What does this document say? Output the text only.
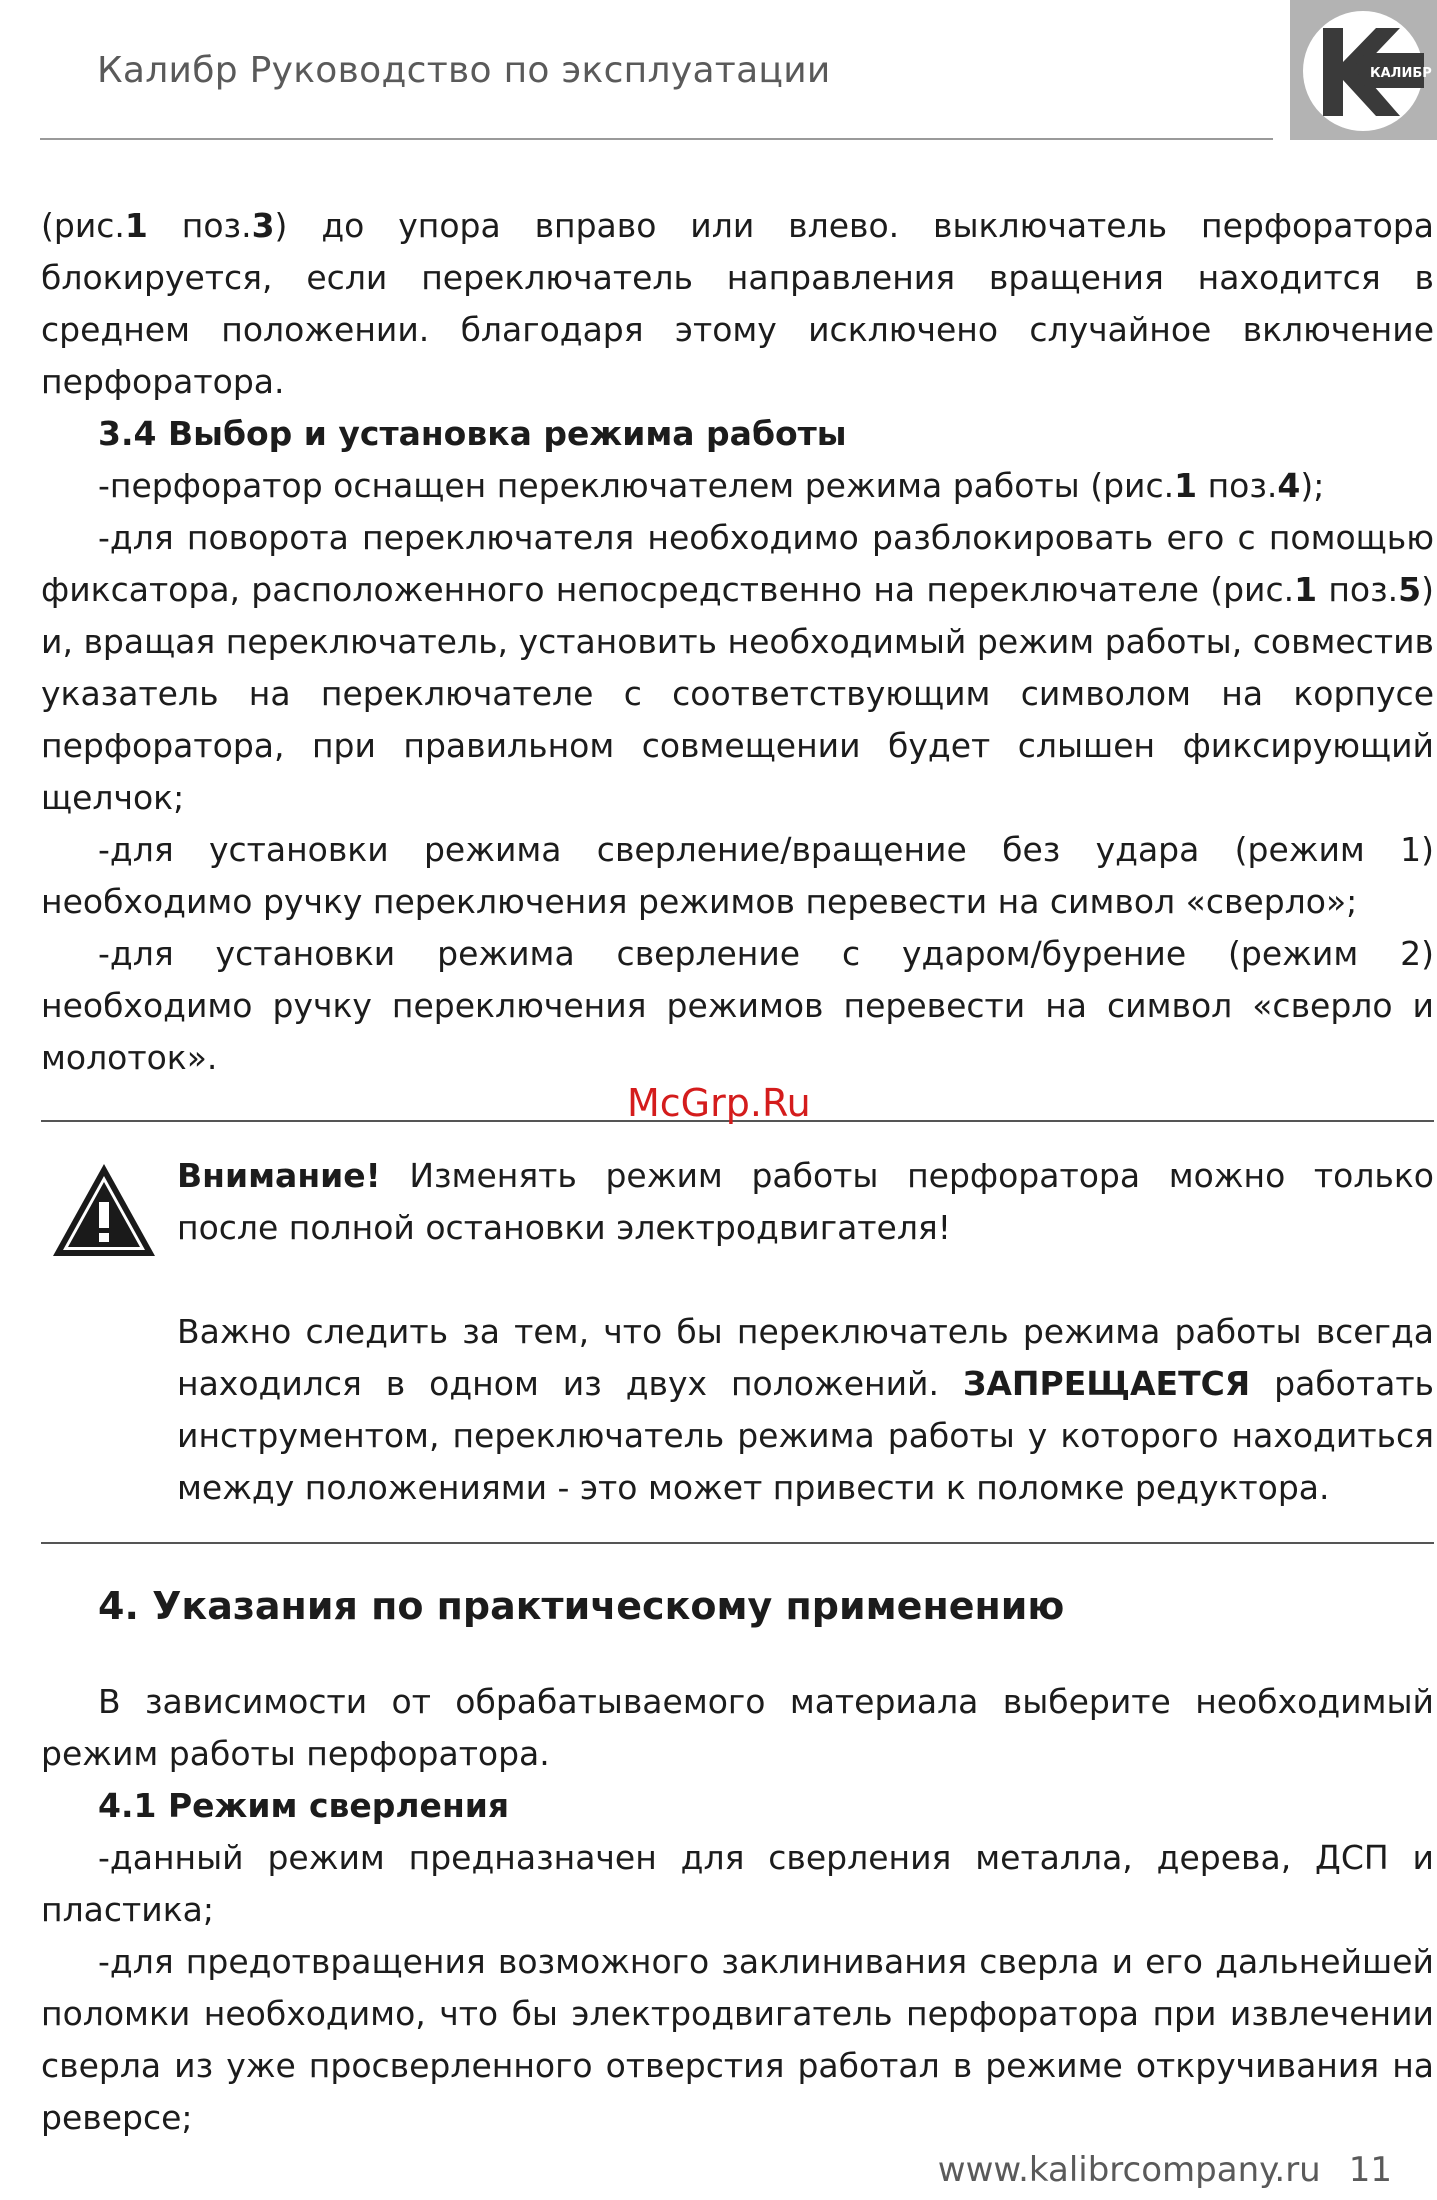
Калибр Руководство по эксплуатации	КАЛИБР

(рис.1 поз.3) до упора вправо или влево. выключатель перфоратора блокируется, если переключатель направления вращения находится в среднем положении. благодаря этому исключено случайное включение перфоратора.

3.4 Выбор и установка режима работы

-перфоратор оснащен переключателем режима работы (рис.1 поз.4);

-для поворота переключателя необходимо разблокировать его с помощью фиксатора, расположенного непосредственно на переключателе (рис.1 поз.5) и, вращая переключатель, установить необходимый режим работы, совместив указатель на переключателе с соответствующим символом на корпусе перфоратора, при правильном совмещении будет слышен фиксирующий щелчок;

-для установки режима сверление/вращение без удара (режим 1) необходимо ручку переключения режимов перевести на символ «сверло»;

-для установки режима сверление с ударом/бурение (режим 2) необходимо ручку переключения режимов перевести на символ «сверло и молоток».

Внимание! Изменять режим работы перфоратора можно только после полной остановки электродвигателя!

Важно следить за тем, что бы переключатель режима работы всегда находился в одном из двух положений. ЗАПРЕЩАЕТСЯ работать инструментом, переключатель режима работы у которого находиться между положениями - это может привести к поломке редуктора.

4. Указания по практическому применению

В зависимости от обрабатываемого материала выберите необходимый режим работы перфоратора.

4.1 Режим сверления

-данный режим предназначен для сверления металла, дерева, ДСП и пластика;

-для предотвращения возможного заклинивания сверла и его дальнейшей поломки необходимо, что бы электродвигатель перфоратора при извлечении сверла из уже просверленного отверстия работал в режиме откручивания на реверсе;

McGrp.Ru
www.kalibrcompany.ru 11
